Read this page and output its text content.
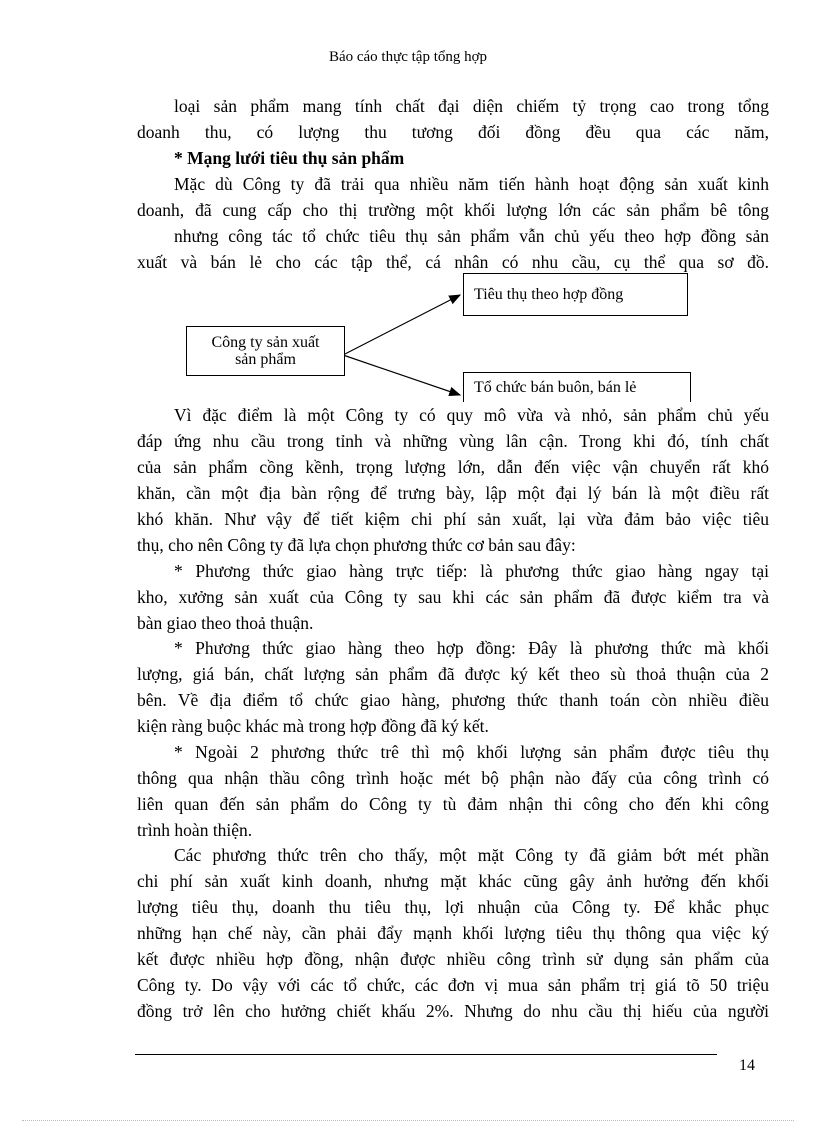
Báo cáo thực tập tổng hợp
loại sản phẩm mang tính chất đại diện chiếm tỷ trọng cao trong tổng
doanh thu, có lượng thu tương đối đồng đều qua các năm,
* Mạng lưới tiêu thụ sản phẩm
Mặc dù Công ty đã trải qua nhiều năm tiến hành hoạt động sản xuất kinh
doanh, đã cung cấp cho thị trường một khối lượng lớn các sản phẩm bê tông
nhưng công tác tổ chức tiêu thụ sản phẩm vẫn chủ yếu theo hợp đồng sản
xuất và bán lẻ cho các tập thể, cá nhân có nhu cầu, cụ thể qua sơ đồ.
Công ty sản xuất
sản phẩm
Tiêu thụ theo hợp đồng
Tổ chức bán buôn, bán lẻ
Vì đặc điểm là một Công ty có quy mô vừa và nhỏ, sản phẩm chủ yếu
đáp ứng nhu cầu trong tỉnh và những vùng lân cận. Trong khi đó, tính chất
của sản phẩm cồng kềnh, trọng lượng lớn, dẫn đến việc vận chuyển rất khó
khăn, cần một địa bàn rộng để trưng bày, lập một đại lý bán là một điều rất
khó khăn. Như vậy để tiết kiệm chi phí sản xuất, lại vừa đảm bảo việc tiêu
thụ, cho nên Công ty đã lựa chọn phương thức cơ bản sau đây:
* Phương thức giao hàng trực tiếp: là phương thức giao hàng ngay tại
kho, xưởng sản xuất của Công ty sau khi các sản phẩm đã được kiểm tra và
bàn giao theo thoả thuận.
* Phương thức giao hàng theo hợp đồng: Đây là phương thức mà khối
lượng, giá bán, chất lượng sản phẩm đã được ký kết theo sù thoả thuận của 2
bên. Về địa điểm tổ chức giao hàng, phương thức thanh toán còn nhiều điều
kiện ràng buộc khác mà trong hợp đồng đã ký kết.
* Ngoài 2 phương thức trê thì mộ khối lượng sản phẩm được tiêu thụ
thông qua nhận thầu công trình hoặc mét bộ phận nào đấy của công trình có
liên quan đến sản phẩm do Công ty tù đảm nhận thi công cho đến khi công
trình hoàn thiện.
Các phương thức trên cho thấy, một mặt Công ty đã giảm bớt mét phần
chi phí sản xuất kinh doanh, nhưng mặt khác cũng gây ảnh hưởng đến khối
lượng tiêu thụ, doanh thu tiêu thụ, lợi nhuận của Công ty. Để khắc phục
những hạn chế này, cần phải đẩy mạnh khối lượng tiêu thụ thông qua việc ký
kết được nhiều hợp đồng, nhận được nhiều công trình sử dụng sản phẩm của
Công ty. Do vậy với các tổ chức, các đơn vị mua sản phẩm trị giá tõ 50 triệu
đồng trở lên cho hưởng chiết khấu 2%. Nhưng do nhu cầu thị hiếu của người
14
